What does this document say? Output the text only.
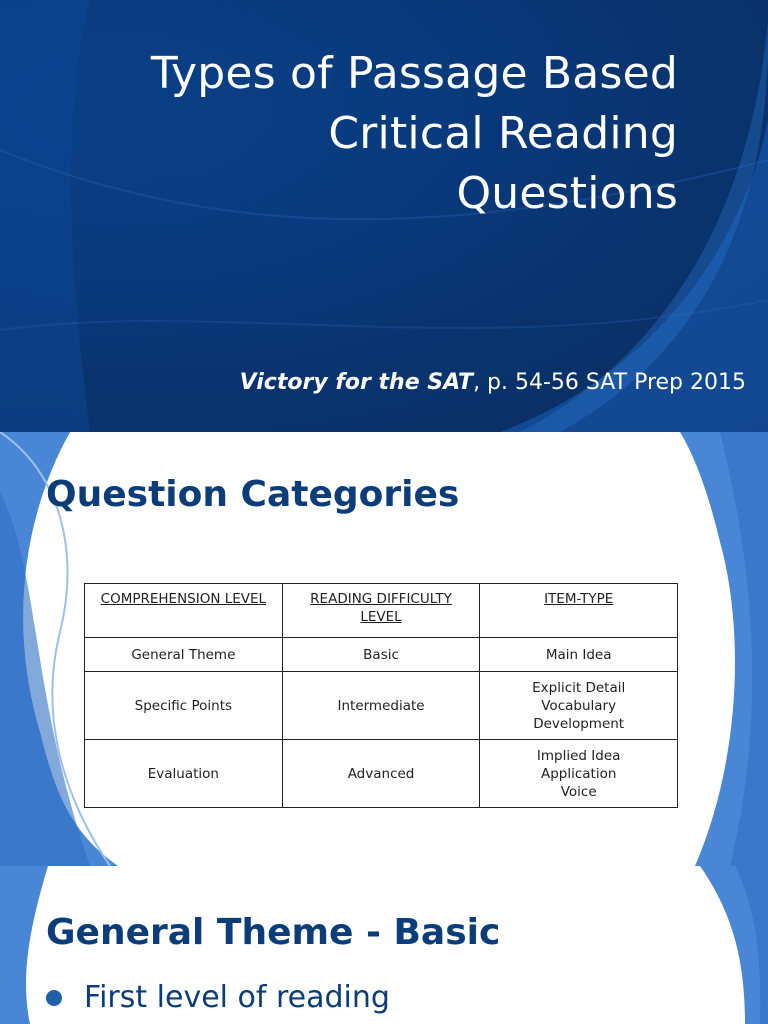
Types of Passage Based
Critical Reading
Questions
Victory for the SAT, p. 54-56 SAT Prep 2015
Question Categories
COMPREHENSION LEVEL	READING DIFFICULTY LEVEL	ITEM-TYPE
General Theme	Basic	Main Idea
Specific Points	Intermediate	Explicit Detail
Vocabulary
Development

Evaluation	Advanced	Implied Idea
Application
Voice
General Theme - Basic
First level of reading
